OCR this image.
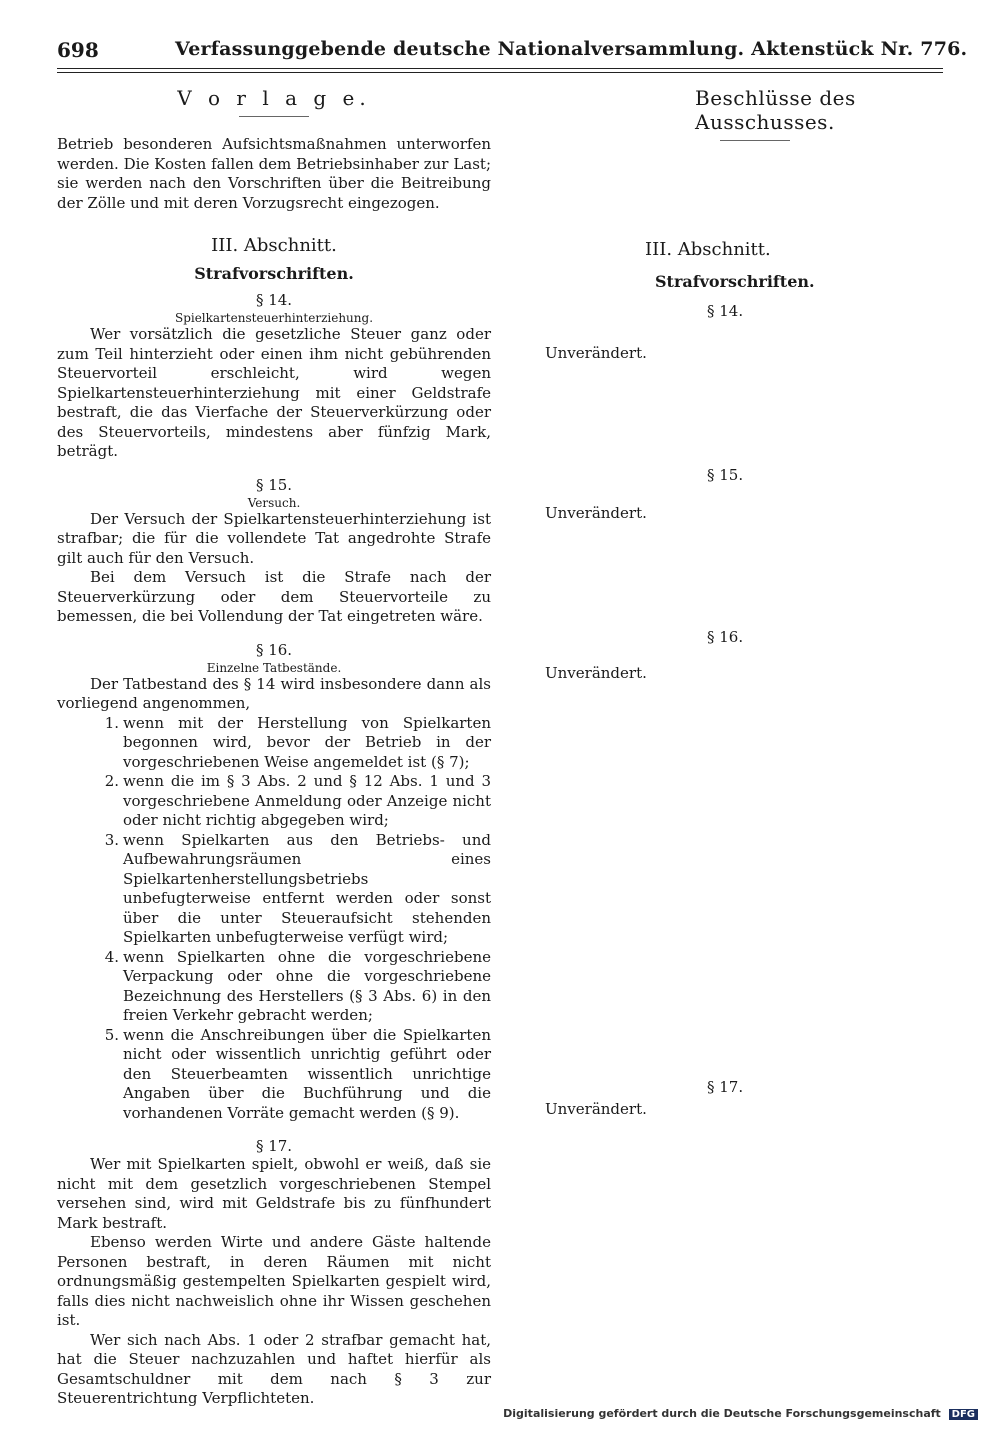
698	Verfassunggebende deutsche Nationalversammlung. Aktenstück Nr. 776.
V o r l a g e.

Betrieb besonderen Aufsichtsmaßnahmen unterworfen werden. Die Kosten fallen dem Betriebsinhaber zur Last; sie werden nach den Vorschriften über die Beitreibung der Zölle und mit deren Vorzugsrecht eingezogen.

III. Abschnitt.
Strafvorschriften.
§ 14.
Spielkartensteuerhinterziehung.

Wer vorsätzlich die gesetzliche Steuer ganz oder zum Teil hinterzieht oder einen ihm nicht gebührenden Steuervorteil erschleicht, wird wegen Spielkartensteuerhinterziehung mit einer Geldstrafe bestraft, die das Vierfache der Steuerverkürzung oder des Steuervorteils, mindestens aber fünfzig Mark, beträgt.

§ 15.
Versuch.

Der Versuch der Spielkartensteuerhinterziehung ist strafbar; die für die vollendete Tat angedrohte Strafe gilt auch für den Versuch.

Bei dem Versuch ist die Strafe nach der Steuerverkürzung oder dem Steuervorteile zu bemessen, die bei Vollendung der Tat eingetreten wäre.

§ 16.
Einzelne Tatbestände.

Der Tatbestand des § 14 wird insbesondere dann als vorliegend angenommen,

1. wenn mit der Herstellung von Spielkarten begonnen wird, bevor der Betrieb in der vorgeschriebenen Weise angemeldet ist (§ 7);
2. wenn die im § 3 Abs. 2 und § 12 Abs. 1 und 3 vorgeschriebene Anmeldung oder Anzeige nicht oder nicht richtig abgegeben wird;
3. wenn Spielkarten aus den Betriebs- und Aufbewahrungsräumen eines Spielkartenherstellungsbetriebs unbefugterweise entfernt werden oder sonst über die unter Steueraufsicht stehenden Spielkarten unbefugterweise verfügt wird;
4. wenn Spielkarten ohne die vorgeschriebene Verpackung oder ohne die vorgeschriebene Bezeichnung des Herstellers (§ 3 Abs. 6) in den freien Verkehr gebracht werden;
5. wenn die Anschreibungen über die Spielkarten nicht oder wissentlich unrichtig geführt oder den Steuerbeamten wissentlich unrichtige Angaben über die Buchführung und die vorhandenen Vorräte gemacht werden (§ 9).
§ 17.

Wer mit Spielkarten spielt, obwohl er weiß, daß sie nicht mit dem gesetzlich vorgeschriebenen Stempel versehen sind, wird mit Geldstrafe bis zu fünfhundert Mark bestraft.

Ebenso werden Wirte und andere Gäste haltende Personen bestraft, in deren Räumen mit nicht ordnungsmäßig gestempelten Spielkarten gespielt wird, falls dies nicht nachweislich ohne ihr Wissen geschehen ist.

Wer sich nach Abs. 1 oder 2 strafbar gemacht hat, hat die Steuer nachzuzahlen und haftet hierfür als Gesamtschuldner mit dem nach § 3 zur Steuerentrichtung Verpflichteten.

Beschlüsse des Ausschusses.
III. Abschnitt.
Strafvorschriften.
§ 14.
Unverändert.
§ 15.
Unverändert.
§ 16.
Unverändert.
§ 17.
Unverändert.
Digitalisierung gefördert durch die Deutsche Forschungsgemeinschaft DFG
